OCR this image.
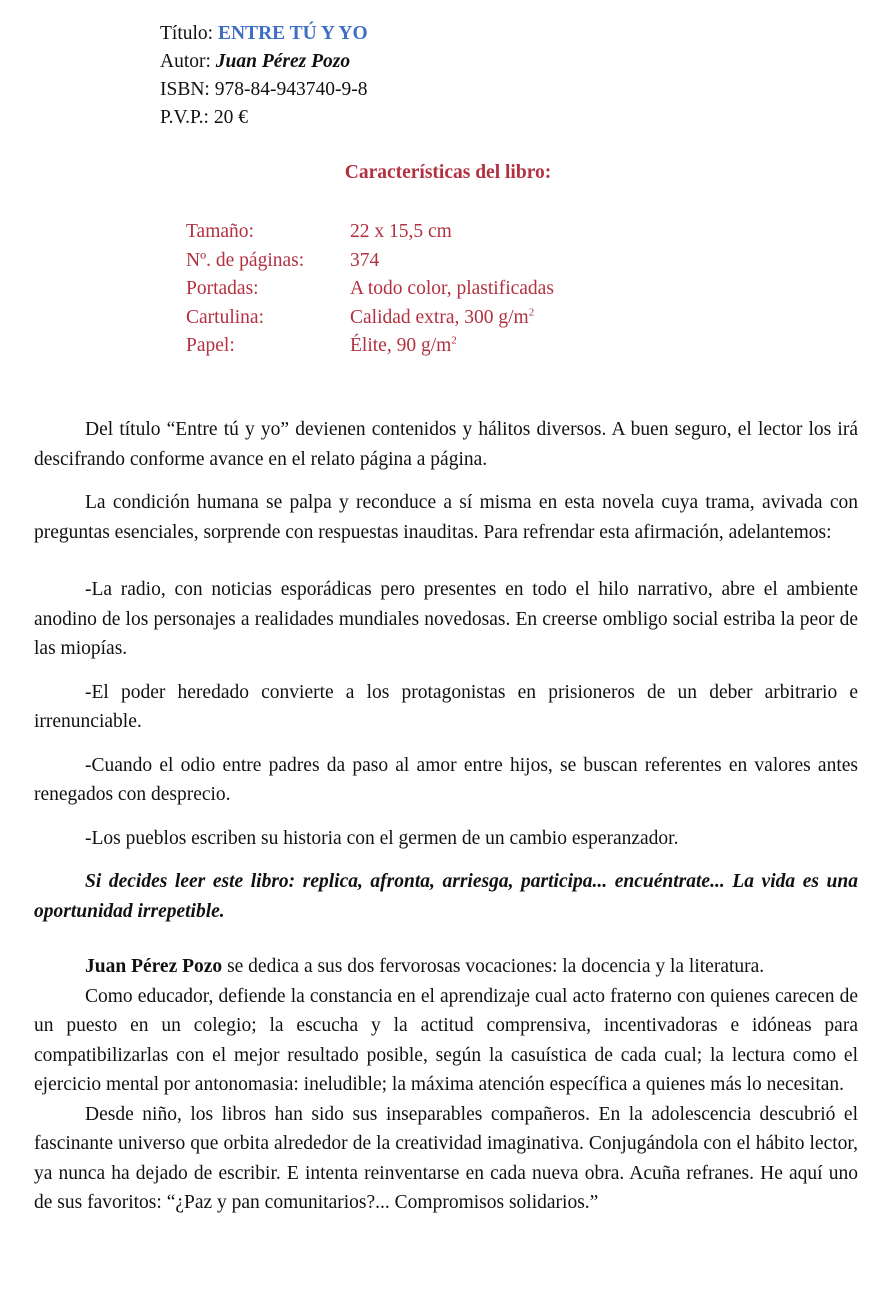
Título: ENTRE TÚ Y YO
Autor: Juan Pérez Pozo
ISBN: 978-84-943740-9-8
P.V.P.: 20 €
Características del libro:
Tamaño:	22 x 15,5 cm
Nº. de páginas:	374
Portadas:	A todo color, plastificadas
Cartulina:	Calidad extra, 300 $g/m^2$
Papel:	Élite, 90 $g/m^2$

Del título “Entre tú y yo” devienen contenidos y hálitos diversos. A buen seguro, el lector los irá descifrando conforme avance en el relato página a página.

La condición humana se palpa y reconduce a sí misma en esta novela cuya trama, avivada con preguntas esenciales, sorprende con respuestas inauditas. Para refrendar esta afirmación, adelantemos:

-La radio, con noticias esporádicas pero presentes en todo el hilo narrativo, abre el ambiente anodino de los personajes a realidades mundiales novedosas. En creerse ombligo social estriba la peor de las miopías.

-El poder heredado convierte a los protagonistas en prisioneros de un deber arbitrario e irrenunciable.

-Cuando el odio entre padres da paso al amor entre hijos, se buscan referentes en valores antes renegados con desprecio.

-Los pueblos escriben su historia con el germen de un cambio esperanzador.

Si decides leer este libro: replica, afronta, arriesga, participa... encuéntrate... La vida es una oportunidad irrepetible.

Juan Pérez Pozo se dedica a sus dos fervorosas vocaciones: la docencia y la literatura.

Como educador, defiende la constancia en el aprendizaje cual acto fraterno con quienes carecen de un puesto en un colegio; la escucha y la actitud comprensiva, incentivadoras e idóneas para compatibilizarlas con el mejor resultado posible, según la casuística de cada cual; la lectura como el ejercicio mental por antonomasia: ineludible; la máxima atención específica a quienes más lo necesitan.

Desde niño, los libros han sido sus inseparables compañeros. En la adolescencia descubrió el fascinante universo que orbita alrededor de la creatividad imaginativa. Conjugándola con el hábito lector, ya nunca ha dejado de escribir. E intenta reinventarse en cada nueva obra. Acuña refranes. He aquí uno de sus favoritos: “¿Paz y pan comunitarios?... Compromisos solidarios.”
